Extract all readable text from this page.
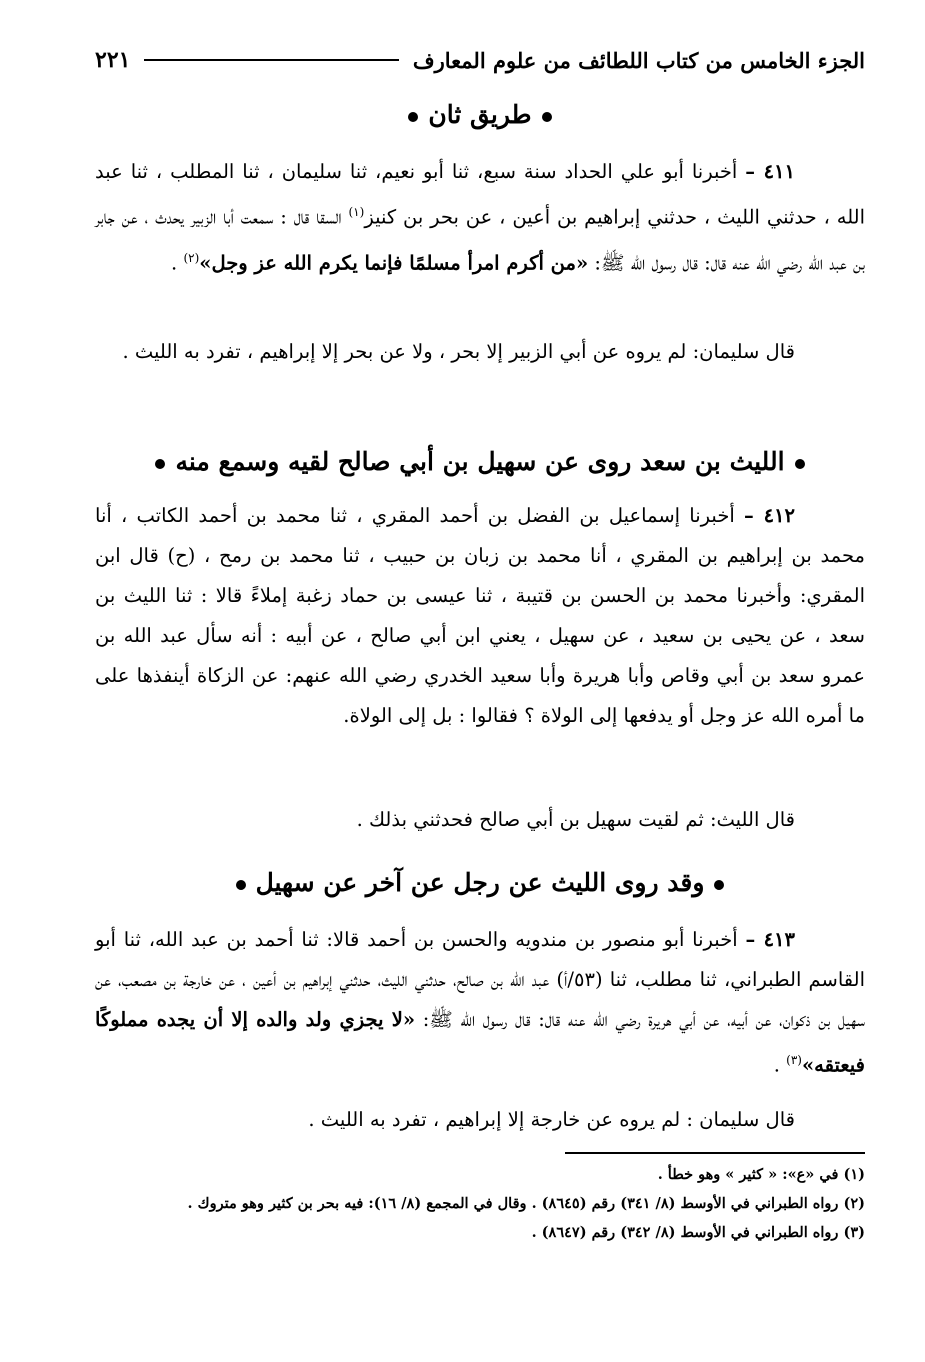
الجزء الخامس من كتاب اللطائف من علوم المعارف
٢٢١
طريق ثان
٤١١ – أخبرنا أبو علي الحداد سنة سبع، ثنا أبو نعيم، ثنا سليمان ، ثنا المطلب ، ثنا عبد الله ، حدثني الليث ، حدثني إبراهيم بن أعين ، عن بحر بن كنيز$^{(١)}$ السقا قال : سمعت أبا الزبير يحدث ، عن جابر بن عبد الله رضي الله عنه قال: قال رسول الله ﷺ: «من أكرم امرأ مسلمًا فإنما يكرم الله عز وجل»$^{(٢)}$ .
قال سليمان: لم يروه عن أبي الزبير إلا بحر ، ولا عن بحر إلا إبراهيم ، تفرد به الليث .
الليث بن سعد روى عن سهيل بن أبي صالح لقيه وسمع منه
٤١٢ – أخبرنا إسماعيل بن الفضل بن أحمد المقري ، ثنا محمد بن أحمد الكاتب ، أنا محمد بن إبراهيم بن المقري ، أنا محمد بن زبان بن حبيب ، ثنا محمد بن رمح ، (ح) قال ابن المقري: وأخبرنا محمد بن الحسن بن قتيبة ، ثنا عيسى بن حماد زغبة إملاءً قالا : ثنا الليث بن سعد ، عن يحيى بن سعيد ، عن سهيل ، يعني ابن أبي صالح ، عن أبيه : أنه سأل عبد الله بن عمرو سعد بن أبي وقاص وأبا هريرة وأبا سعيد الخدري رضي الله عنهم: عن الزكاة أينفذها على ما أمره الله عز وجل أو يدفعها إلى الولاة ؟ فقالوا : بل إلى الولاة.
قال الليث: ثم لقيت سهيل بن أبي صالح فحدثني بذلك .
وقد روى الليث عن رجل عن آخر عن سهيل
٤١٣ – أخبرنا أبو منصور بن مندويه والحسن بن أحمد قالا: ثنا أحمد بن عبد الله، ثنا أبو القاسم الطبراني، ثنا مطلب، ثنا (٥٣/أ) عبد الله بن صالح، حدثني الليث، حدثني إبراهيم بن أعين ، عن خارجة بن مصعب، عن سهيل بن ذكوان، عن أبيه، عن أبي هريرة رضي الله عنه قال: قال رسول الله ﷺ: «لا يجزي ولد والده إلا أن يجده مملوكًا فيعتقه»$^{(٣)}$ .
قال سليمان : لم يروه عن خارجة إلا إبراهيم ، تفرد به الليث .
(١) في «ع»: « كثير » وهو خطأ .
(٢) رواه الطبراني في الأوسط (٨/ ٣٤١) رقم (٨٦٤٥) . وقال في المجمع (٨/ ١٦): فيه بحر بن كثير وهو متروك .
(٣) رواه الطبراني في الأوسط (٨/ ٣٤٢) رقم (٨٦٤٧) .
